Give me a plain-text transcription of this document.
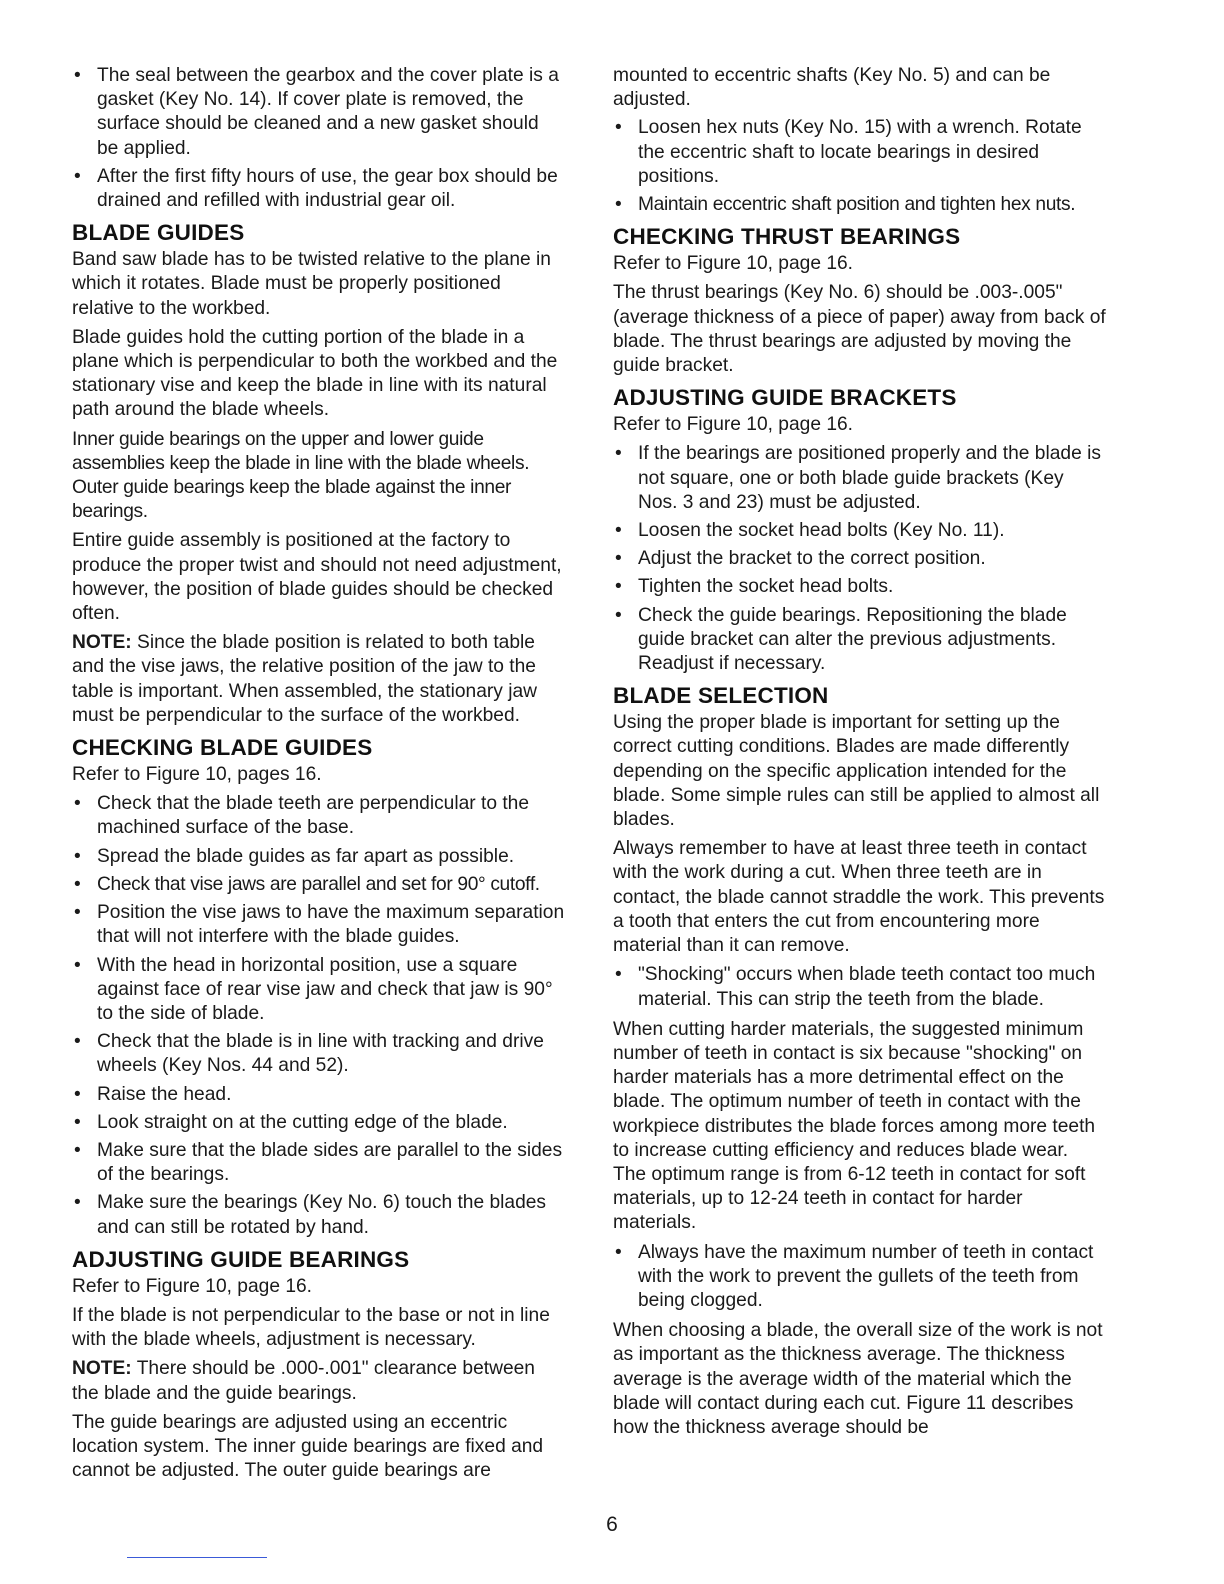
• The seal between the gearbox and the cover plate is a gasket (Key No. 14). If cover plate is removed, the surface should be cleaned and a new gasket should be applied.
• After the first fifty hours of use, the gear box should be drained and refilled with industrial gear oil.
BLADE GUIDES

Band saw blade has to be twisted relative to the plane in which it rotates. Blade must be properly positioned relative to the workbed.

Blade guides hold the cutting portion of the blade in a plane which is perpendicular to both the workbed and the stationary vise and keep the blade in line with its natural path around the blade wheels.

Inner guide bearings on the upper and lower guide assemblies keep the blade in line with the blade wheels. Outer guide bearings keep the blade against the inner bearings.

Entire guide assembly is positioned at the factory to produce the proper twist and should not need adjustment, however, the position of blade guides should be checked often.

NOTE: Since the blade position is related to both table and the vise jaws, the relative position of the jaw to the table is important. When assembled, the stationary jaw must be perpendicular to the surface of the workbed.

CHECKING BLADE GUIDES

Refer to Figure 10, pages 16.

• Check that the blade teeth are perpendicular to the machined surface of the base.
• Spread the blade guides as far apart as possible.
• Check that vise jaws are parallel and set for 90° cutoff.
• Position the vise jaws to have the maximum separation that will not interfere with the blade guides.
• With the head in horizontal position, use a square against face of rear vise jaw and check that jaw is 90° to the side of blade.
• Check that the blade is in line with tracking and drive wheels (Key Nos. 44 and 52).
• Raise the head.
• Look straight on at the cutting edge of the blade.
• Make sure that the blade sides are parallel to the sides of the bearings.
• Make sure the bearings (Key No. 6) touch the blades and can still be rotated by hand.
ADJUSTING GUIDE BEARINGS

Refer to Figure 10, page 16.

If the blade is not perpendicular to the base or not in line with the blade wheels, adjustment is necessary.

NOTE: There should be .000-.001" clearance between the blade and the guide bearings.

The guide bearings are adjusted using an eccentric location system. The inner guide bearings are fixed and cannot be adjusted. The outer guide bearings are

mounted to eccentric shafts (Key No. 5) and can be adjusted.

• Loosen hex nuts (Key No. 15) with a wrench. Rotate the eccentric shaft to locate bearings in desired positions.
• Maintain eccentric shaft position and tighten hex nuts.
CHECKING THRUST BEARINGS

Refer to Figure 10, page 16.

The thrust bearings (Key No. 6) should be .003-.005" (average thickness of a piece of paper) away from back of blade. The thrust bearings are adjusted by moving the guide bracket.

ADJUSTING GUIDE BRACKETS

Refer to Figure 10, page 16.

• If the bearings are positioned properly and the blade is not square, one or both blade guide brackets (Key Nos. 3 and 23) must be adjusted.
• Loosen the socket head bolts (Key No. 11).
• Adjust the bracket to the correct position.
• Tighten the socket head bolts.
• Check the guide bearings. Repositioning the blade guide bracket can alter the previous adjustments. Readjust if necessary.
BLADE SELECTION

Using the proper blade is important for setting up the correct cutting conditions. Blades are made differently depending on the specific application intended for the blade. Some simple rules can still be applied to almost all blades.

Always remember to have at least three teeth in contact with the work during a cut. When three teeth are in contact, the blade cannot straddle the work. This prevents a tooth that enters the cut from encountering more material than it can remove.

• "Shocking" occurs when blade teeth contact too much material. This can strip the teeth from the blade.

When cutting harder materials, the suggested minimum number of teeth in contact is six because "shocking" on harder materials has a more detrimental effect on the blade. The optimum number of teeth in contact with the workpiece distributes the blade forces among more teeth to increase cutting efficiency and reduces blade wear. The optimum range is from 6-12 teeth in contact for soft materials, up to 12-24 teeth in contact for harder materials.

• Always have the maximum number of teeth in contact with the work to prevent the gullets of the teeth from being clogged.

When choosing a blade, the overall size of the work is not as important as the thickness average. The thickness average is the average width of the material which the blade will contact during each cut. Figure 11 describes how the thickness average should be

6
